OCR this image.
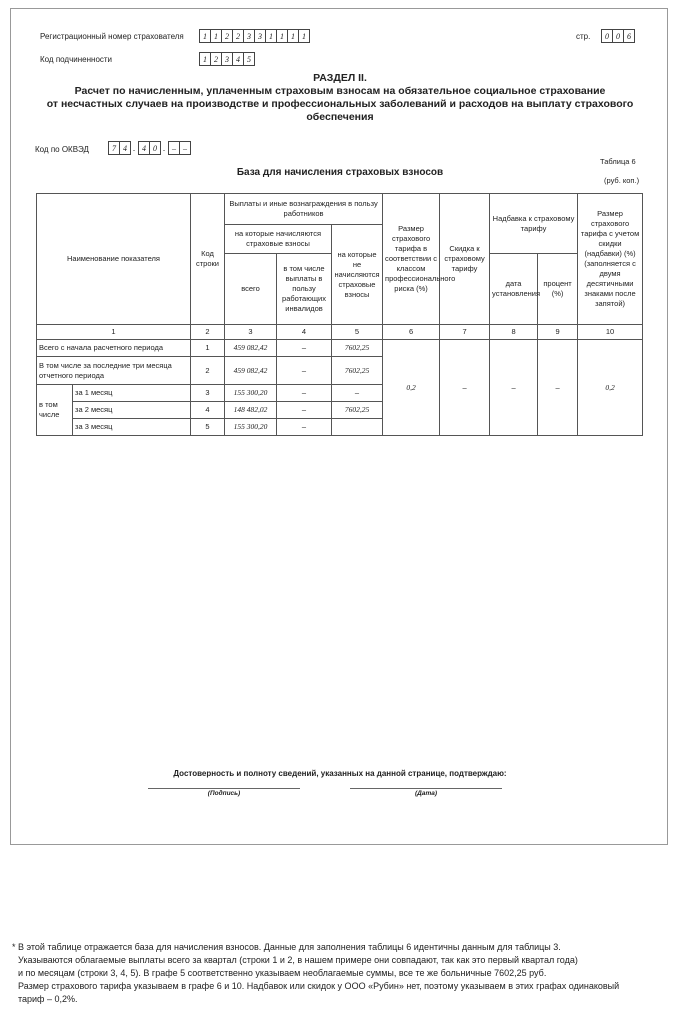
Регистрационный номер страхователя	1 1 2 2 3 3 1 1 1 1	стр.	0 0 6
Код подчиненности	1 2 3 4 5
РАЗДЕЛ II.
Расчет по начисленным, уплаченным страховым взносам на обязательное социальное страхование
от несчастных случаев на производстве и профессиональных заболеваний и расходов на выплату страхового
обеспечения
Код по ОКВЭД	7 4 . 4 0 . – –
Таблица 6
База для начисления страховых взносов
(руб. коп.)
Наименование показателя		Код строки	Выплаты и иные вознаграждения в пользу работников			Размер страхового тарифа в соответствии с классом профессионального риска (%)	Скидка к страховому тарифу	Надбавка к страховому тарифу		Размер страхового тарифа с учетом скидки (надбавки) (%) (заполняется с двумя десятичными знаками после запятой)
			на которые начисляются страховые взносы		на которые не начисляются страховые взносы					
			всего	в том числе выплаты в пользу работающих инвалидов				дата установления	процент (%)	
1		2	3	4	5	6	7	8	9	10
Всего с начала расчетного периода		1	459 082,42	–	7602,25	0,2	–	–	–	0,2
В том числе за последние три месяца отчетного периода		2	459 082,42	–	7602,25					
в том числе	за 1 месяц	3	155 300,20	–	–					
	за 2 месяц	4	148 482,02	–	7602,25					
	за 3 месяц	5	155 300,20	–						
Достоверность и полноту сведений, указанных на данной странице, подтверждаю:
(Подпись)	(Дата)

* В этой таблице отражается база для начисления взносов. Данные для заполнения таблицы 6 идентичны данным для таблицы 3.

Указываются облагаемые выплаты всего за квартал (строки 1 и 2, в нашем примере они совпадают, так как это первый квартал года)

и по месяцам (строки 3, 4, 5). В графе 5 соответственно указываем необлагаемые суммы, все те же больничные 7602,25 руб.

Размер страхового тарифа указываем в графе 6 и 10. Надбавок или скидок у ООО «Рубин» нет, поэтому указываем в этих графах одинаковый

тариф – 0,2%.
